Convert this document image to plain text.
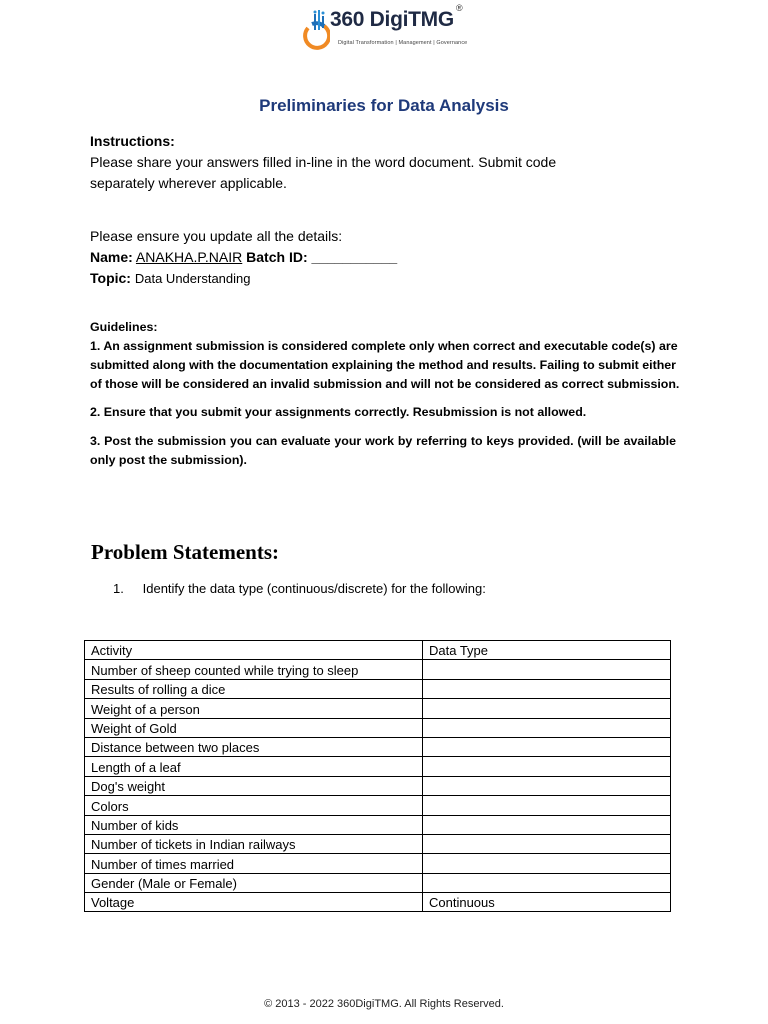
360 DigiTMG ®
Digital Transformation | Management | Governance
Preliminaries for Data Analysis
Instructions:
Please share your answers filled in-line in the word document. Submit code
separately wherever applicable.
Please ensure you update all the details:
Name: ANAKHA.P.NAIR Batch ID: ___________
Topic: Data Understanding
Guidelines:
1. An assignment submission is considered complete only when correct and executable code(s) are
submitted along with the documentation explaining the method and results. Failing to submit either
of those will be considered an invalid submission and will not be considered as correct submission.
2. Ensure that you submit your assignments correctly. Resubmission is not allowed.
3. Post the submission you can evaluate your work by referring to keys provided. (will be available
only post the submission).
Problem Statements:
1. Identify the data type (continuous/discrete) for the following:
Activity	Data Type
Number of sheep counted while trying to sleep	
Results of rolling a dice	
Weight of a person	
Weight of Gold	
Distance between two places	
Length of a leaf	
Dog's weight	
Colors	
Number of kids	
Number of tickets in Indian railways	
Number of times married	
Gender (Male or Female)	
Voltage	Continuous
© 2013 - 2022 360DigiTMG. All Rights Reserved.
